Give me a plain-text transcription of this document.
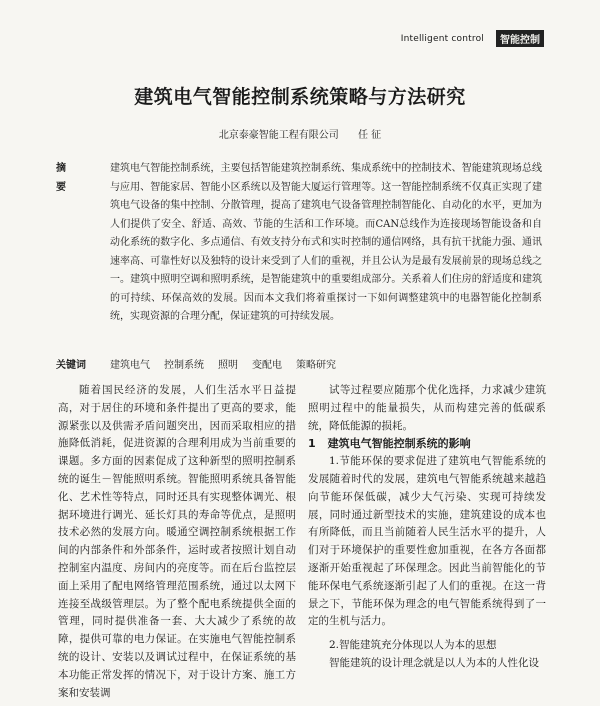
Intelligent control	智能控制
建筑电气智能控制系统策略与方法研究
北京泰豪智能工程有限公司 任 征
摘 要
建筑电气智能控制系统，主要包括智能建筑控制系统、集成系统中的控制技术、智能建筑现场总线与应用、智能家居、智能小区系统以及智能大厦运行管理等。这一智能控制系统不仅真正实现了建筑电气设备的集中控制、分散管理，提高了建筑电气设备管理控制智能化、自动化的水平，更加为人们提供了安全、舒适、高效、节能的生活和工作环境。而CAN总线作为连接现场智能设备和自动化系统的数字化、多点通信、有效支持分布式和实时控制的通信网络，具有抗干扰能力强、通讯速率高、可靠性好以及独特的设计来受到了人们的重视，并且公认为是最有发展前景的现场总线之一。建筑中照明空调和照明系统，是智能建筑中的重要组成部分。关系着人们住房的舒适度和建筑的可持续、环保高效的发展。因而本文我们将着重探讨一下如何调整建筑中的电器智能化控制系统，实现资源的合理分配，保证建筑的可持续发展。
关键词	建筑电气 控制系统 照明 变配电 策略研究
随着国民经济的发展，人们生活水平日益提高，对于居住的环境和条件提出了更高的要求，能源紧张以及供需矛盾问题突出，因而采取相应的措施降低消耗，促进资源的合理利用成为当前重要的课题。多方面的因素促成了这种新型的照明控制系统的诞生－智能照明系统。智能照明系统具备智能化、艺术性等特点，同时还具有实现整体调光、根据环境进行调光、延长灯具的寿命等优点，是照明技术必然的发展方向。暖通空调控制系统根据工作间的内部条件和外部条件，运时或者按照计划自动控制室内温度、房间内的亮度等。而在后台监控层面上采用了配电网络管理范围系统，通过以太网下连接至战级管理层。为了整个配电系统提供全面的管理，同时提供准备一套、大大减少了系统的故障，提供可靠的电力保证。在实施电气智能控制系统的设计、安装以及调试过程中，在保证系统的基本功能正常发挥的情况下，对于设计方案、施工方案和安装调

试等过程要应随那个优化选择，力求减少建筑照明过程中的能量损失，从而构建完善的低碳系统，降低能源的损耗。

1 建筑电气智能控制系统的影响

1.节能环保的要求促进了建筑电气智能系统的发展随着时代的发展，建筑电气智能系统越来越趋向节能环保低碳，减少大气污染、实现可持续发展，同时通过新型技术的实施，建筑建设的成本也有所降低，而且当前随着人民生活水平的提升，人们对于环境保护的重要性愈加重视，在各方各面都逐渐开始重视起了环保理念。因此当前智能化的节能环保电气系统逐渐引起了人们的重视。在这一背景之下，节能环保为理念的电气智能系统得到了一定的生机与活力。

2.智能建筑充分体现以人为本的思想

智能建筑的设计理念就是以人为本的人性化设
